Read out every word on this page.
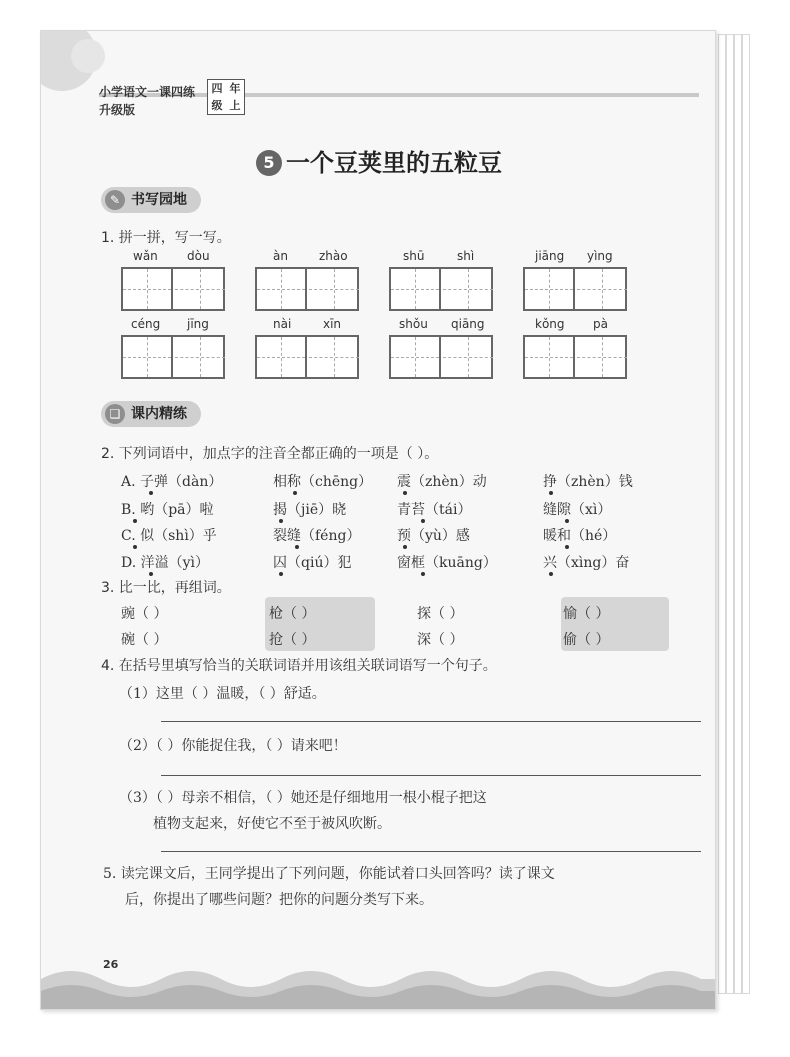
小学语文一课四练
升级版
四 年
级 上
5 一个豆荚里的五粒豆
✎ 书写园地
1. 拼一拼，写一写。
wǎn dòu	àn	zhào	shū	shì	jiāng yìng
céng jīng	nài	xīn	shǒu qiāng	kǒng pà
❑ 课内精练
2. 下列词语中，加点字的注音全都正确的一项是（ ）。
A. 子弹（dàn）	相称（chēng） 震（zhèn）动	挣（zhèn）钱
B. 哟（pā）啦	揭（jiē）晓	青苔（tái）	缝隙（xì）
C. 似（shì）乎	裂缝（féng）	预（yù）感	暖和（hé）
D. 洋溢（yì）	囚（qiú）犯	窗框（kuāng）	兴（xìng）奋
3. 比一比，再组词。
豌（ ）	枪（ ）	探（ ）	愉（ ）
碗（ ）	抢（ ）	深（ ）	偷（ ）
4. 在括号里填写恰当的关联词语并用该组关联词语写一个句子。
（1）这里（ ）温暖，（ ）舒适。
（2）（ ）你能捉住我，（ ）请来吧！
（3）（ ）母亲不相信，（ ）她还是仔细地用一根小棍子把这
植物支起来，好使它不至于被风吹断。
5. 读完课文后，王同学提出了下列问题，你能试着口头回答吗？读了课文
后，你提出了哪些问题？把你的问题分类写下来。
26
